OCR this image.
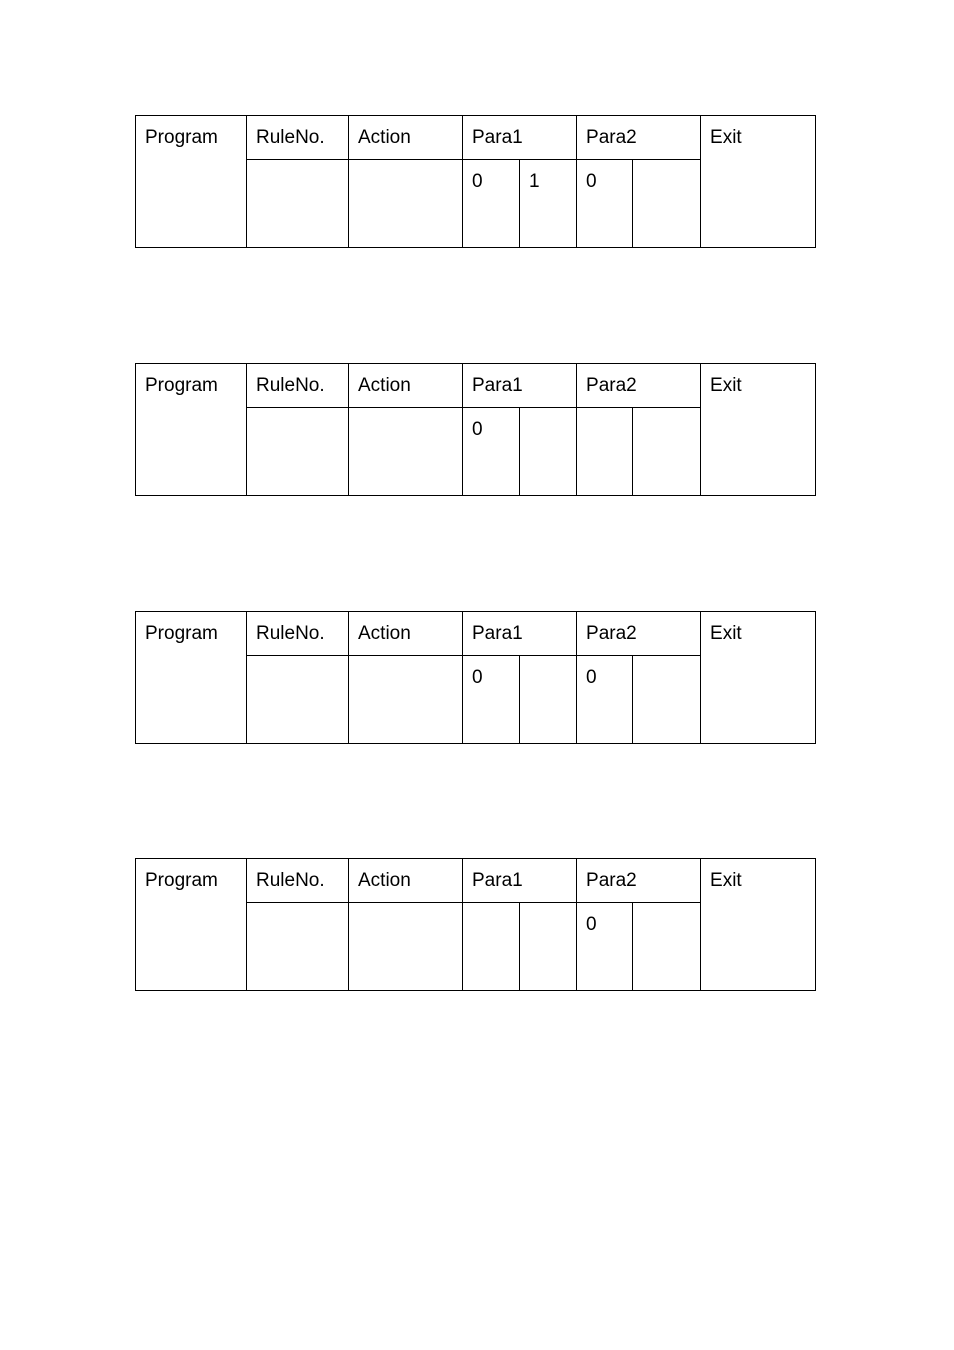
Program	RuleNo.	Action	Para1		Para2		Exit

			0	1	0		

Program	RuleNo.	Action	Para1		Para2		Exit

			0				

Program	RuleNo.	Action	Para1		Para2		Exit

			0		0		

Program	RuleNo.	Action	Para1		Para2		Exit

					0		
